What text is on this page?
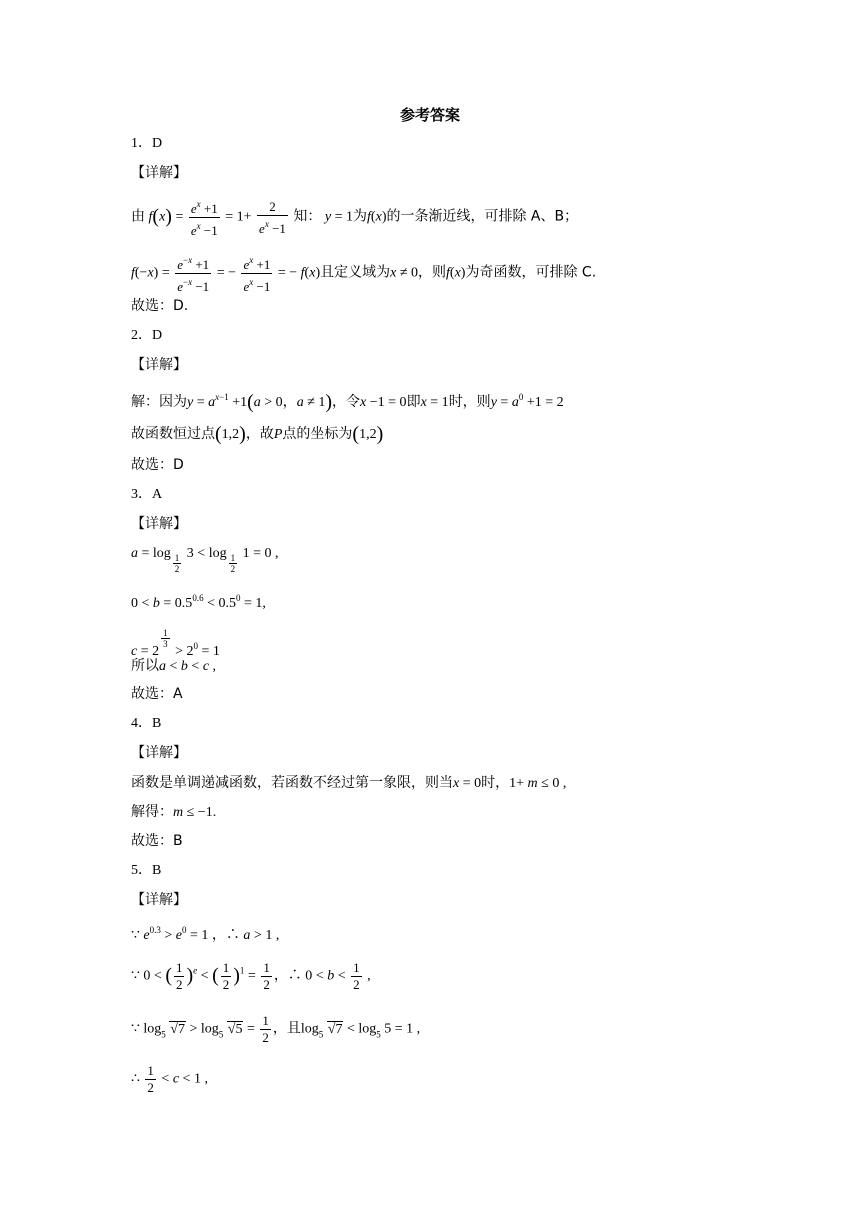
参考答案
1．D
【详解】
由 $f(x) = \frac{e^x +1}{e^x -1} = 1+ \frac{2}{e^x -1}$ 知： y = 1为f(x)的一条渐近线，可排除 A、B；
$f(-x) = \frac{e^{-x} +1}{e^{-x} -1}$ = − $\frac{e^x +1}{e^x -1}$ = − f(x)且定义域为x ≠ 0，则f(x)为奇函数，可排除 C.
故选：D.
2．D
【详解】
解：因为$y = a^{x-1} +1(a > 0$，a ≠ 1)，令x −1 = 0即x = 1时，则$y = a^0 +1 = 2$
故函数恒过点(1,2)，故P点的坐标为(1,2)
故选：D
3．A
【详解】
a = log $_{\frac{1}{2}}$ 3 < log $_{\frac{1}{2}}$ 1 = 0 ,
$0 < b = 0.5^{0.6} < 0.5^0 = 1$,
c = 2
$^{\frac{1}{3}}$
> $2^0 = 1$
所以a < b < c ,
故选：A
4．B
【详解】
函数是单调递减函数，若函数不经过第一象限，则当x = 0时，1+ m ≤ 0 ,
解得：m ≤ −1.
故选：B
5．B
【详解】
∵ $e^{0.3} > e^0 = 1$ ，∴ a > 1 ,
∵ 0 < ( $\frac{1}{2} )^e$ < ( $\frac{1}{2} )^1 = \frac{1}{2}$ ，∴ $0 < b < \frac{1}{2}$ ,
∵ $\log_5 √7 > \log_5 √5 = \frac{1}{2}$ ，且$\log_5 √7 < \log_5 5 = 1$ ,
∴ $\frac{1}{2} < c < 1$ ,
